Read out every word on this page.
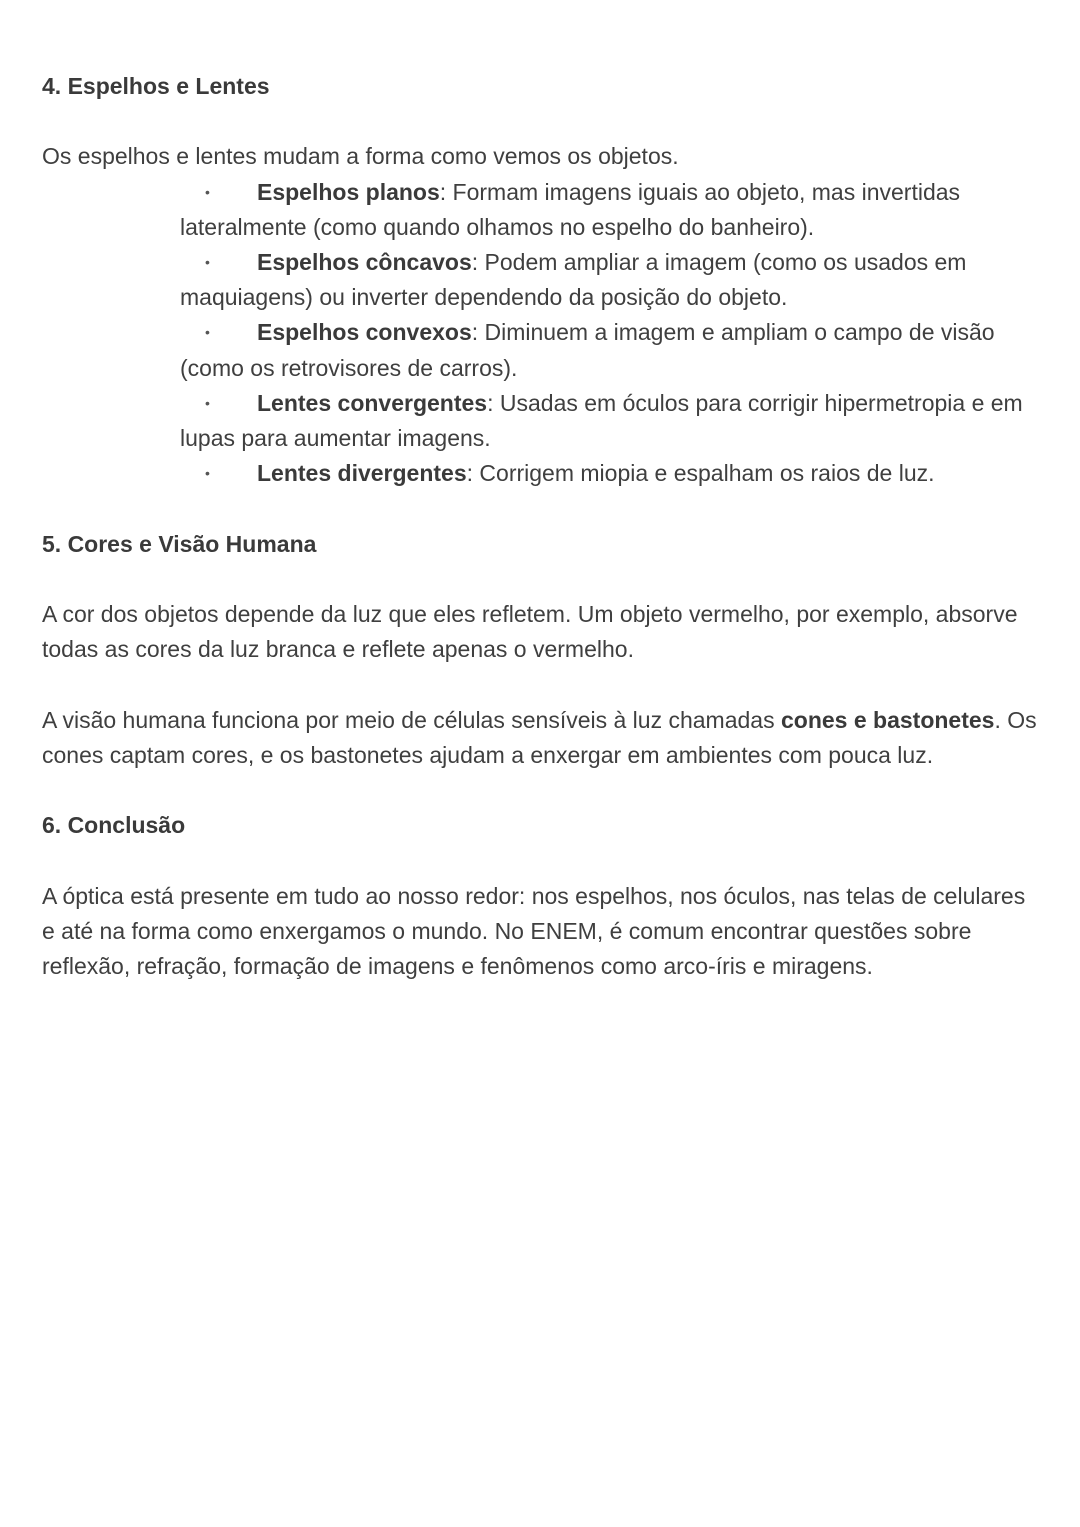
4. Espelhos e Lentes

Os espelhos e lentes mudam a forma como vemos os objetos.

• Espelhos planos: Formam imagens iguais ao objeto, mas invertidas lateralmente (como quando olhamos no espelho do banheiro).
• Espelhos côncavos: Podem ampliar a imagem (como os usados em maquiagens) ou inverter dependendo da posição do objeto.
• Espelhos convexos: Diminuem a imagem e ampliam o campo de visão (como os retrovisores de carros).
• Lentes convergentes: Usadas em óculos para corrigir hipermetropia e em lupas para aumentar imagens.
• Lentes divergentes: Corrigem miopia e espalham os raios de luz.

5. Cores e Visão Humana

A cor dos objetos depende da luz que eles refletem. Um objeto vermelho, por exemplo, absorve todas as cores da luz branca e reflete apenas o vermelho.

A visão humana funciona por meio de células sensíveis à luz chamadas cones e bastonetes. Os cones captam cores, e os bastonetes ajudam a enxergar em ambientes com pouca luz.

6. Conclusão

A óptica está presente em tudo ao nosso redor: nos espelhos, nos óculos, nas telas de celulares e até na forma como enxergamos o mundo. No ENEM, é comum encontrar questões sobre reflexão, refração, formação de imagens e fenômenos como arco-íris e miragens.
